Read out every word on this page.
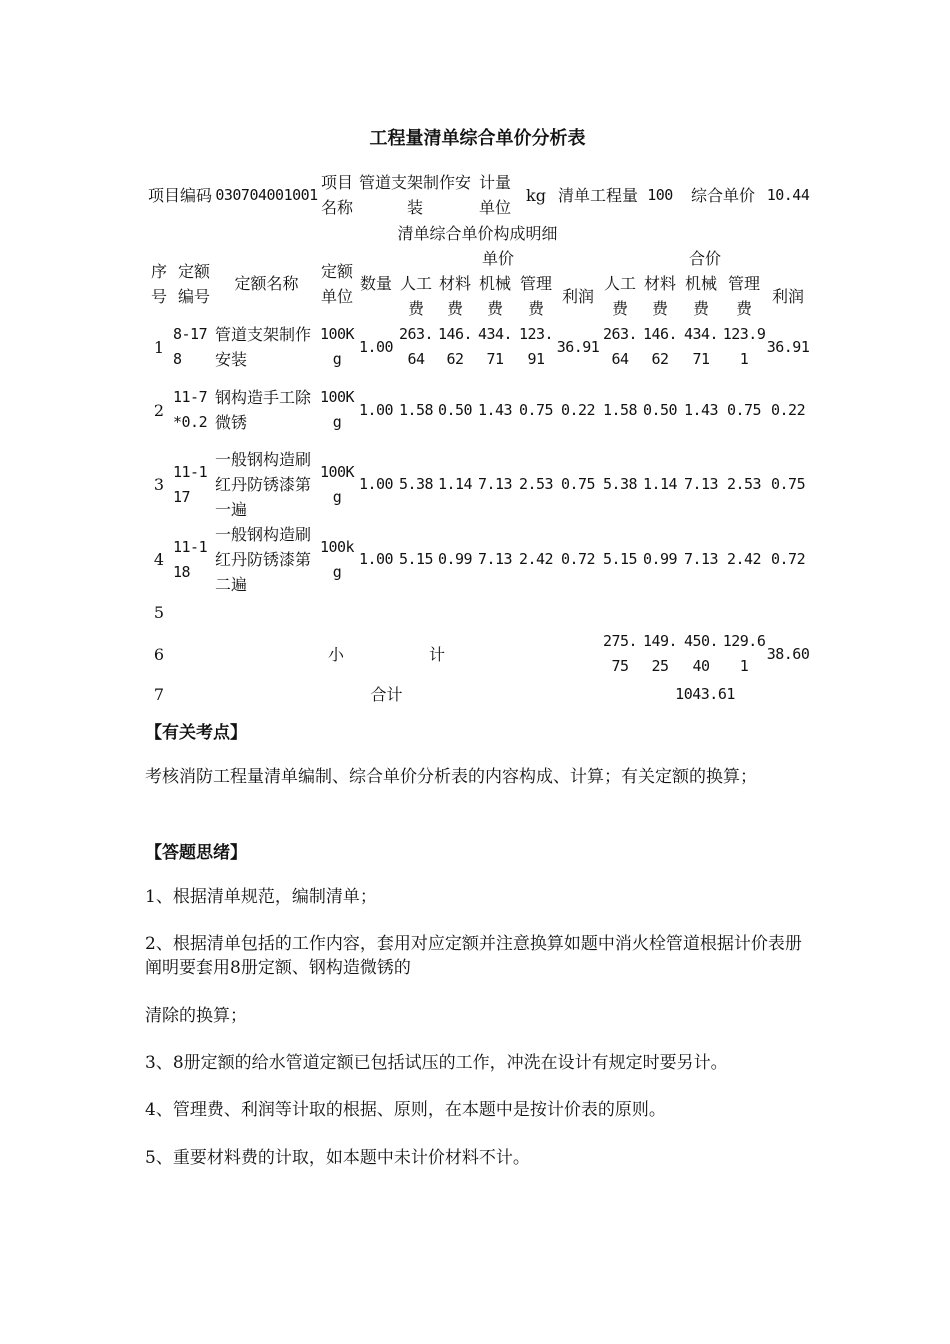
工程量清单综合单价分析表
项目编码		030704001001	项目名称	管道支架制作安装			计量单位	kg	清单工程量		100	综合单价		10.44
清单综合单价构成明细														
序号	定额编号	定额名称	定额单位	数量	单价					合价				
					人工费	材料费	机械费	管理费	利润	人工费	材料费	机械费	管理费	利润
1	8-178	管道支架制作安装	100Kg	1.00	263.64	146.62	434.71	123.91	36.91	263.64	146.62	434.71	123.91	36.91
2	11-7*0.2	钢构造手工除微锈	100Kg	1.00	1.58	0.50	1.43	0.75	0.22	1.58	0.50	1.43	0.75	0.22
3	11-117	一般钢构造刷红丹防锈漆第一遍	100Kg	1.00	5.38	1.14	7.13	2.53	0.75	5.38	1.14	7.13	2.53	0.75
4	11-118	一般钢构造刷红丹防锈漆第二遍	100kg	1.00	5.15	0.99	7.13	2.42	0.72	5.15	0.99	7.13	2.42	0.72
5														
6	小 计									275.75	149.25	450.40	129.61	38.60
7	合计									1043.61				
【有关考点】
考核消防工程量清单编制、综合单价分析表的内容构成、计算；有关定额的换算；
【答题思绪】
1、根据清单规范，编制清单；
2、根据清单包括的工作内容，套用对应定额并注意换算如题中消火栓管道根据计价表册阐明要套用8册定额、钢构造微锈的
清除的换算；
3、8册定额的给水管道定额已包括试压的工作，冲洗在设计有规定时要另计。
4、管理费、利润等计取的根据、原则，在本题中是按计价表的原则。
5、重要材料费的计取，如本题中未计价材料不计。
